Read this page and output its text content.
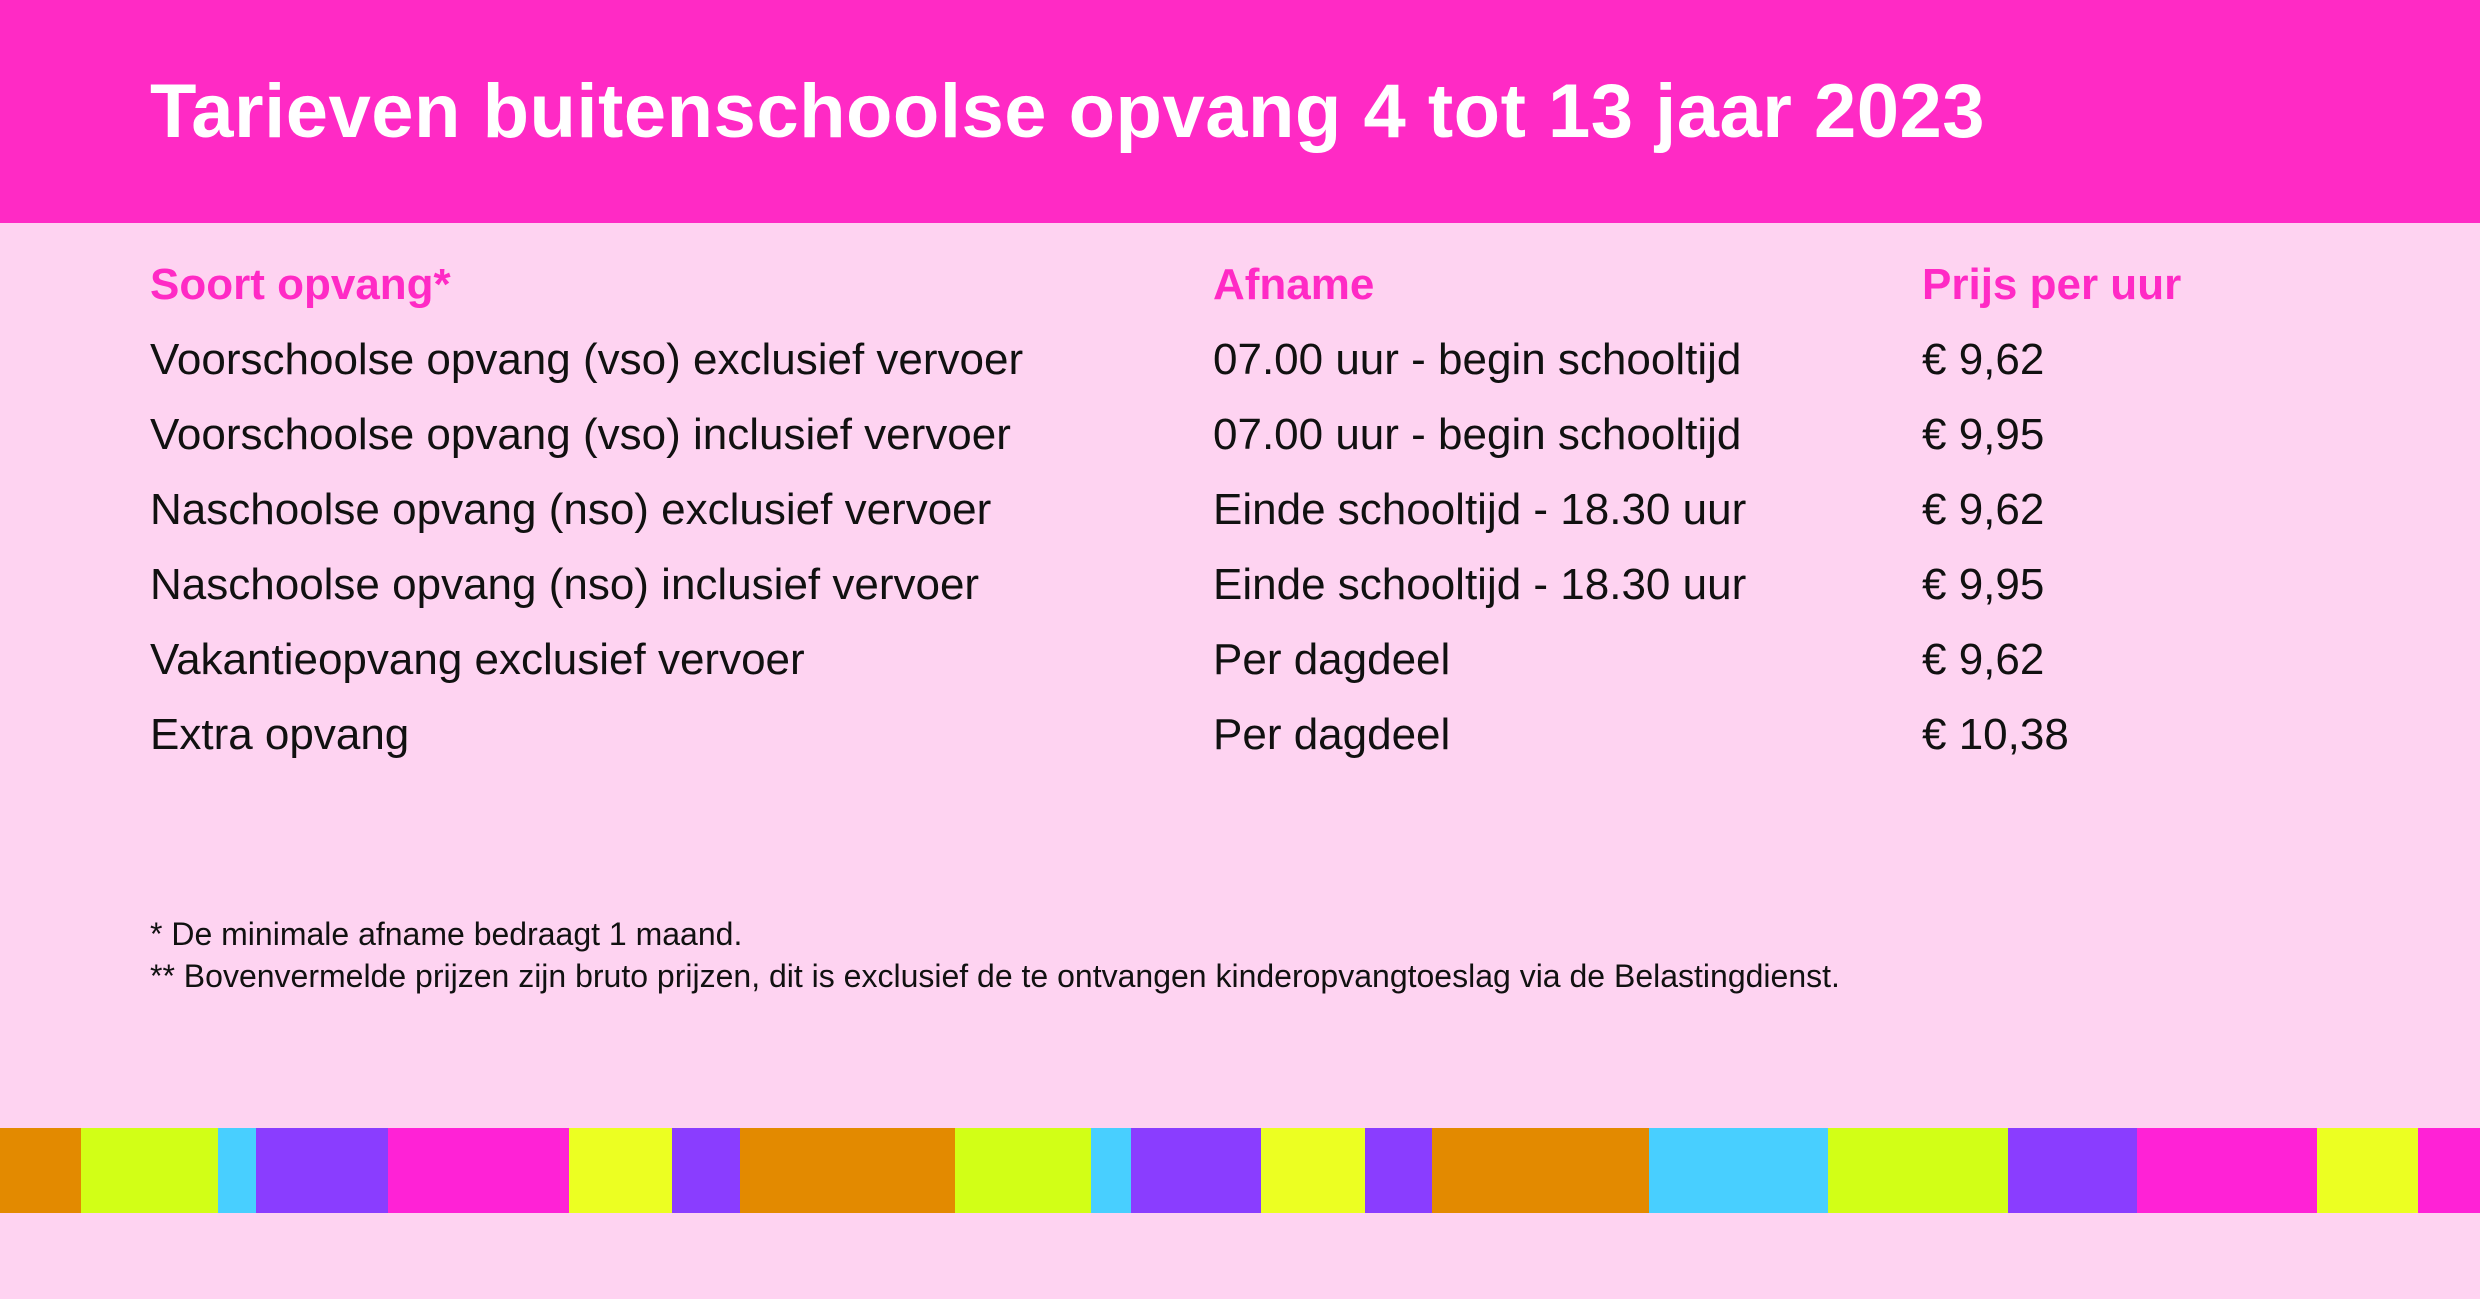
Tarieven buitenschoolse opvang 4 tot 13 jaar 2023
Soort opvang*	Afname	Prijs per uur
Voorschoolse opvang (vso) exclusief vervoer	07.00 uur - begin schooltijd	€ 9,62
Voorschoolse opvang (vso) inclusief vervoer	07.00 uur - begin schooltijd	€ 9,95
Naschoolse opvang (nso) exclusief vervoer	Einde schooltijd - 18.30 uur	€ 9,62
Naschoolse opvang (nso) inclusief vervoer	Einde schooltijd - 18.30 uur	€ 9,95
Vakantieopvang exclusief vervoer	Per dagdeel	€ 9,62
Extra opvang	Per dagdeel	€ 10,38
* De minimale afname bedraagt 1 maand.
** Bovenvermelde prijzen zijn bruto prijzen, dit is exclusief de te ontvangen kinderopvangtoeslag via de Belastingdienst.
